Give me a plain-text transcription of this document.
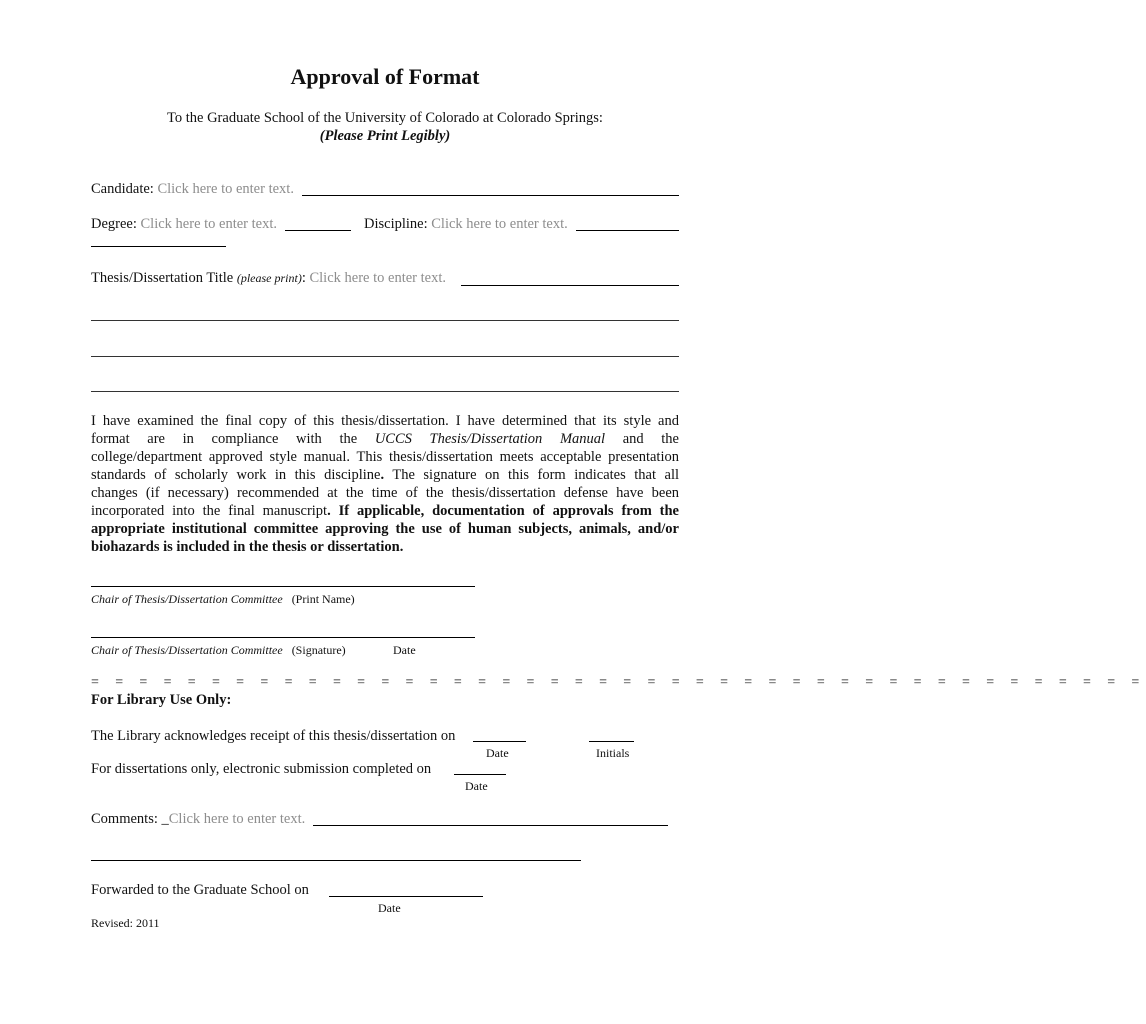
Approval of Format
To the Graduate School of the University of Colorado at Colorado Springs:
(Please Print Legibly)
Candidate: Click here to enter text.
Degree: Click here to enter text.	Discipline: Click here to enter text.
Thesis/Dissertation Title (please print): Click here to enter text.
I have examined the final copy of this thesis/dissertation. I have determined that its style and
format are in compliance with the UCCS Thesis/Dissertation Manual and the
college/department approved style manual. This thesis/dissertation meets acceptable presentation
standards of scholarly work in this discipline. The signature on this form indicates that all
changes (if necessary) recommended at the time of the thesis/dissertation defense have been
incorporated into the final manuscript. If applicable, documentation of approvals from the
appropriate institutional committee approving the use of human subjects, animals, and/or
biohazards is included in the thesis or dissertation.
Chair of Thesis/Dissertation Committee (Print Name)
Chair of Thesis/Dissertation Committee (Signature)	Date
= = = = = = = = = = = = = = = = = = = = = = = = = = = = = = = = = = = = = = = = = = = =
For Library Use Only:
The Library acknowledges receipt of this thesis/dissertation on
Date	Initials
For dissertations only, electronic submission completed on
Date
Comments: _Click here to enter text.
Forwarded to the Graduate School on
Date
Revised: 2011
